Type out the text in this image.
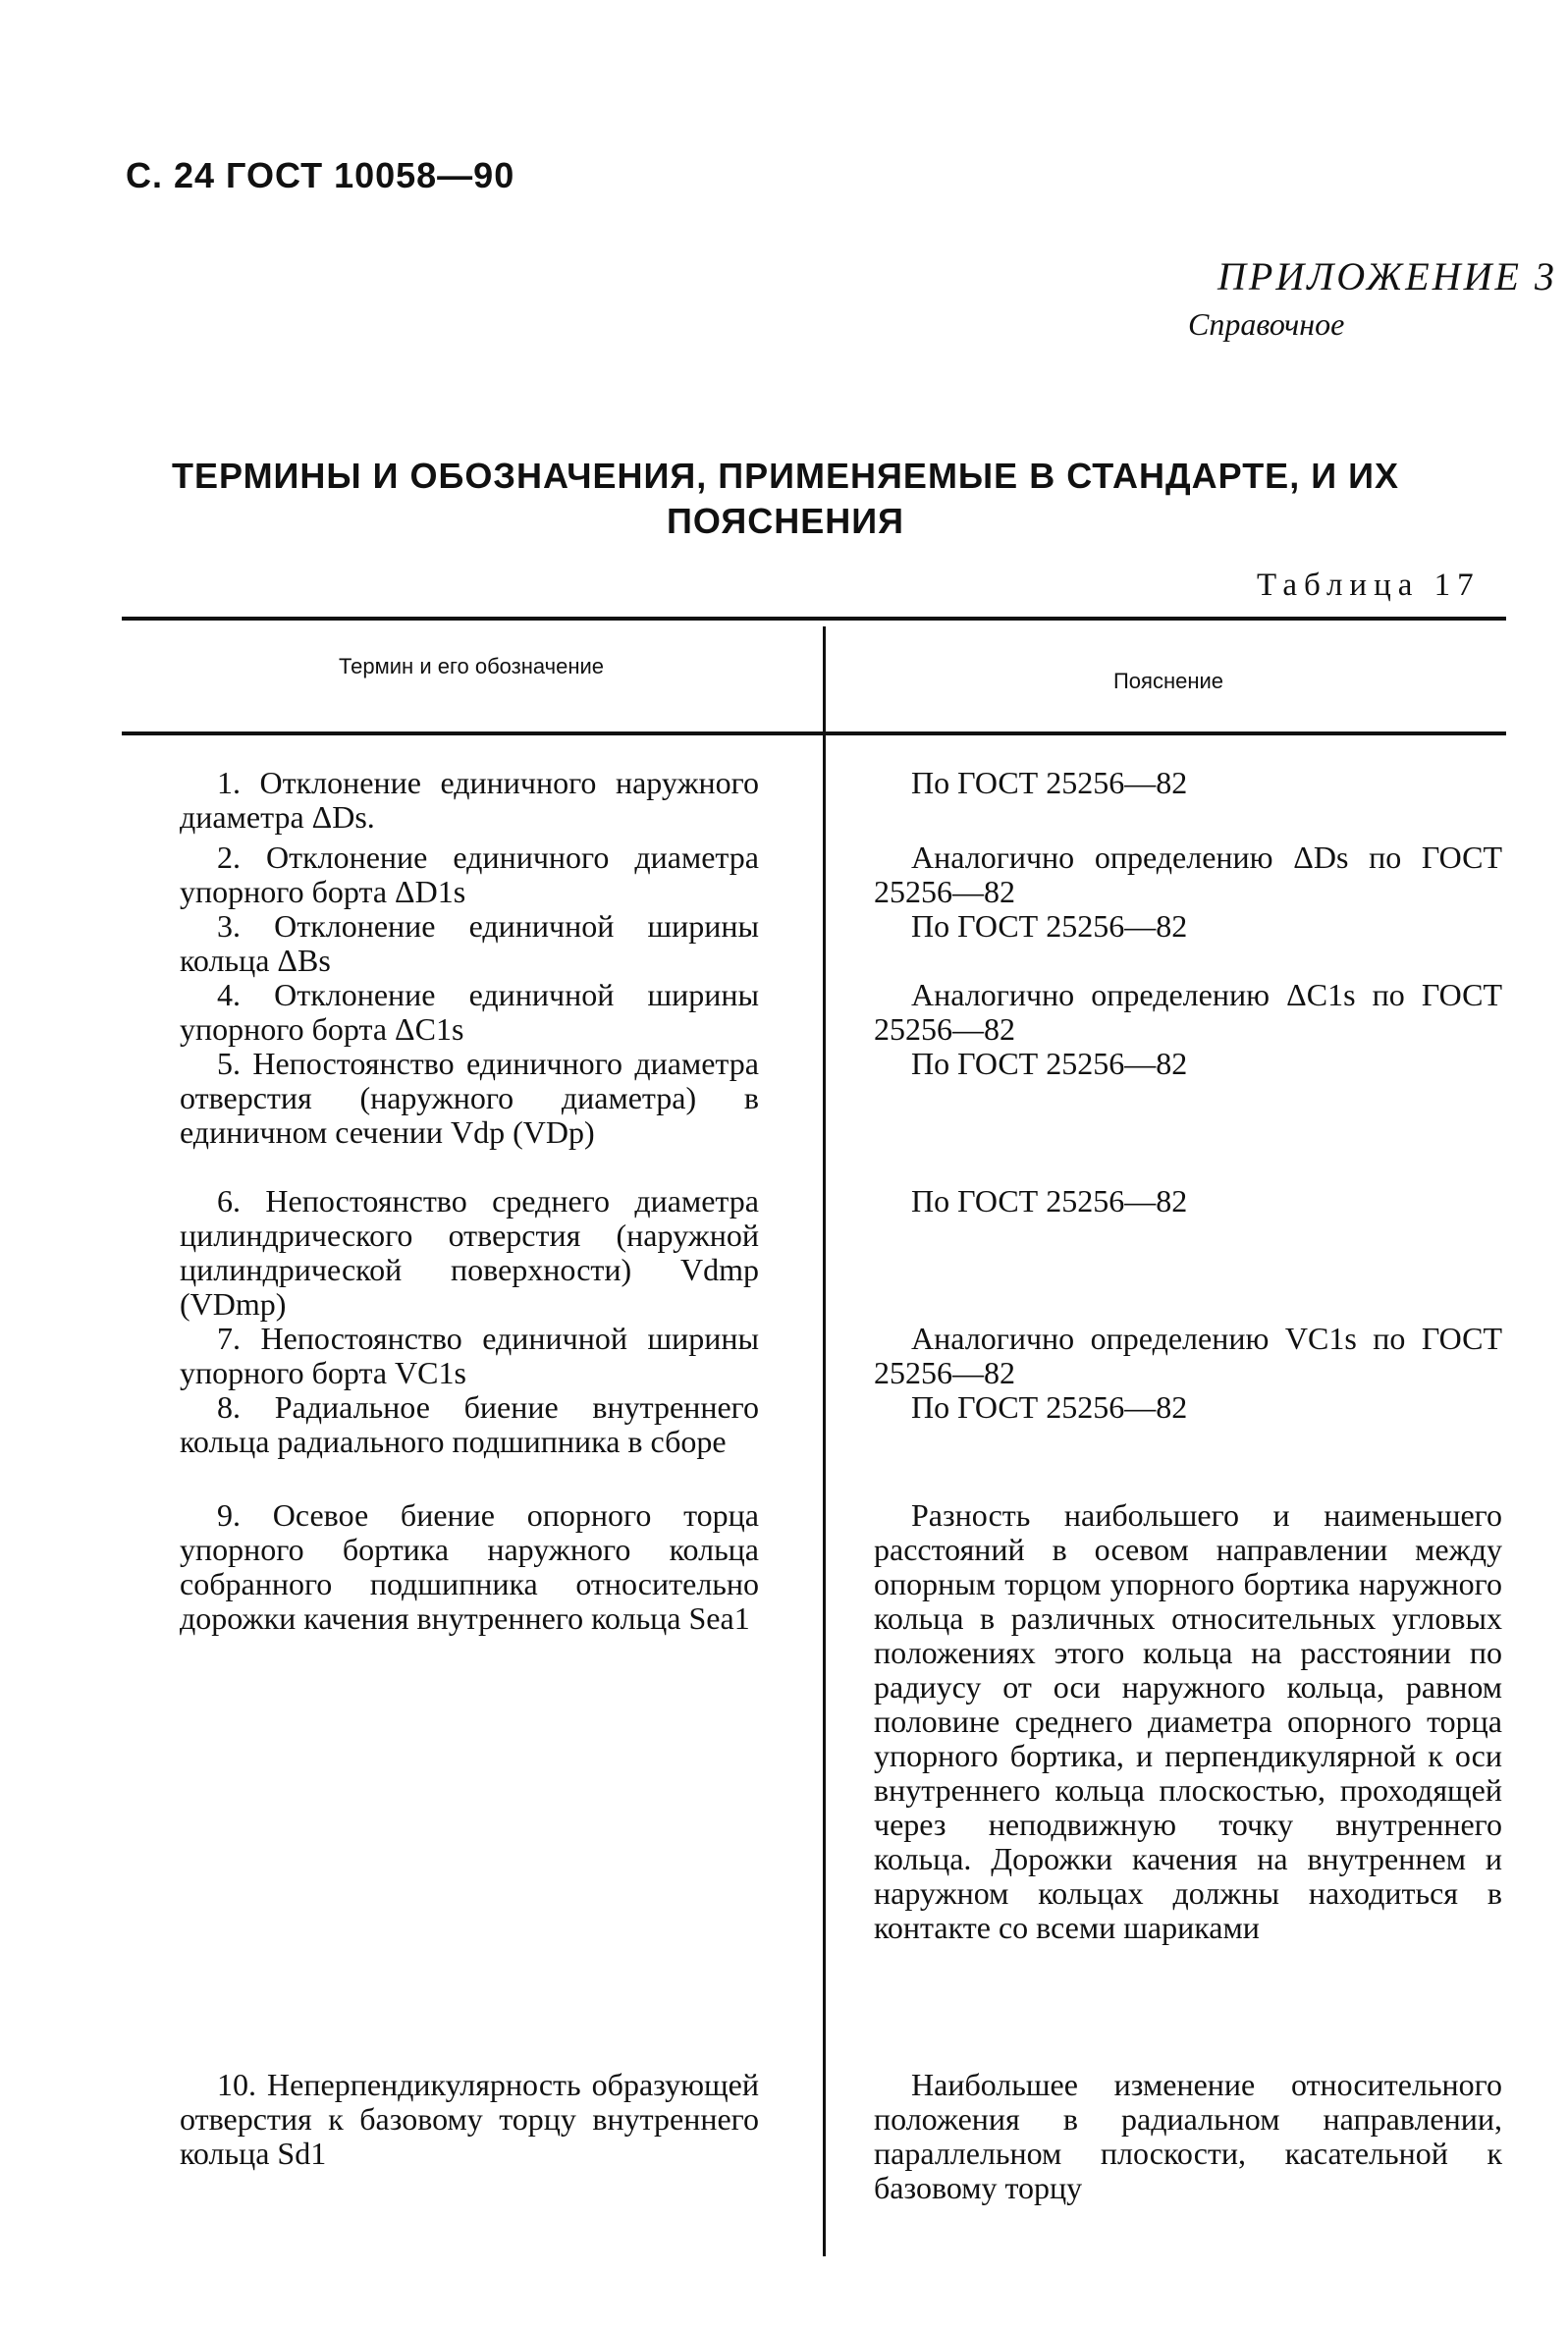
С. 24 ГОСТ 10058—90
ПРИЛОЖЕНИЕ 3
Справочное
ТЕРМИНЫ И ОБОЗНАЧЕНИЯ, ПРИМЕНЯЕМЫЕ В СТАНДАРТЕ, И ИХ ПОЯСНЕНИЯ
Таблица 17
Термин и его обозначение
Пояснение
1. Отклонение единичного наружного диаметра ΔDs.
По ГОСТ 25256—82
2. Отклонение единичного диаметра упорного борта ΔD1s
Аналогично определению ΔDs по ГОСТ 25256—82
3. Отклонение единичной ширины кольца ΔBs
По ГОСТ 25256—82
4. Отклонение единичной ширины упорного борта ΔC1s
Аналогично определению ΔC1s по ГОСТ 25256—82
5. Непостоянство единичного диаметра отверстия (наружного диаметра) в единичном сечении Vdp (VDp)
По ГОСТ 25256—82
6. Непостоянство среднего диаметра цилиндрического отверстия (наружной цилиндрической поверхности) Vdmp (VDmp)
По ГОСТ 25256—82
7. Непостоянство единичной ширины упорного борта VC1s
Аналогично определению VC1s по ГОСТ 25256—82
8. Радиальное биение внутреннего кольца радиального подшипника в сборе
По ГОСТ 25256—82
9. Осевое биение опорного торца упорного бортика наружного кольца собранного подшипника относительно дорожки качения внутреннего кольца Sea1
Разность наибольшего и наименьшего расстояний в осевом направлении между опорным торцом упорного бортика наружного кольца в различных относительных угловых положениях этого кольца на расстоянии по радиусу от оси наружного кольца, равном половине среднего диаметра опорного торца упорного бортика, и перпендикулярной к оси внутреннего кольца плоскостью, проходящей через неподвижную точку внутреннего кольца. Дорожки качения на внутреннем и наружном кольцах должны находиться в контакте со всеми шариками
10. Неперпендикулярность образующей отверстия к базовому торцу внутреннего кольца Sd1
Наибольшее изменение относительного положения в радиальном направлении, параллельном плоскости, касательной к базовому торцу
